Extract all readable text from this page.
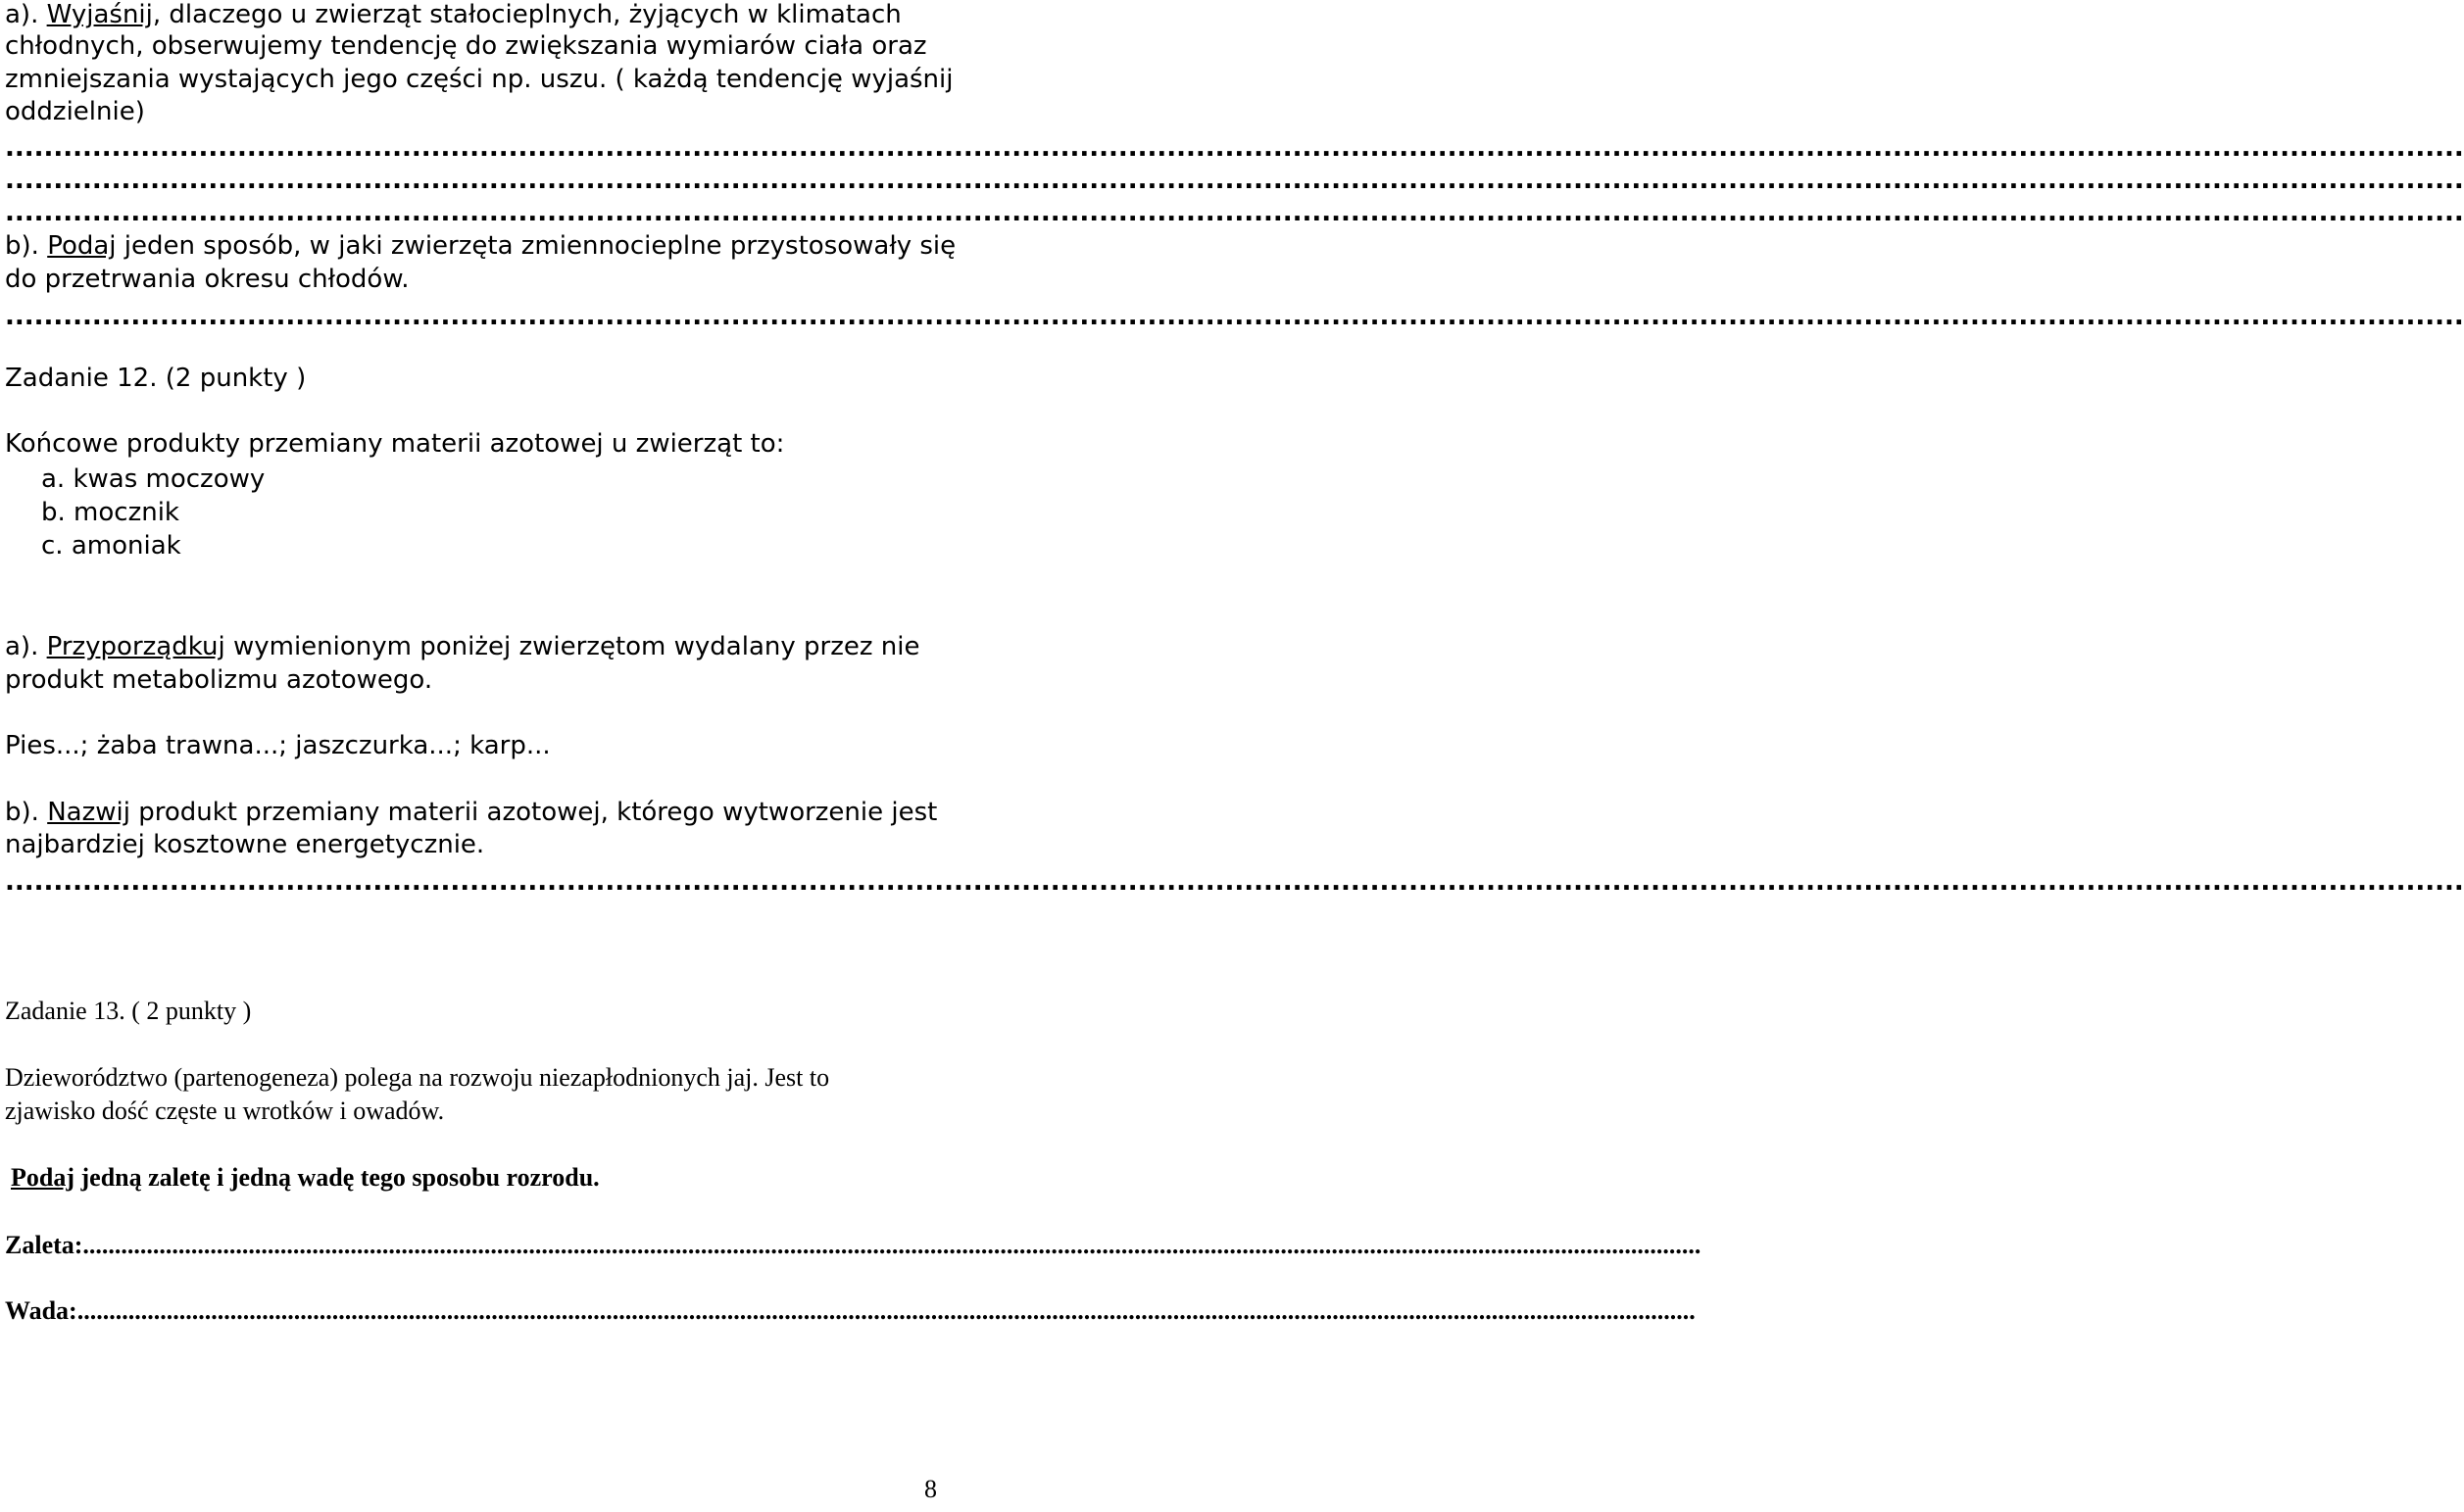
a). Wyjaśnij, dlaczego u zwierząt stałocieplnych, żyjących w klimatach
chłodnych, obserwujemy tendencję do zwiększania wymiarów ciała oraz
zmniejszania wystających jego części np. uszu. ( każdą tendencję wyjaśnij
oddzielnie)
..............................................................................................................................................................................................................................................................
..............................................................................................................................................................................................................................................................
..............................................................................................................................................................................................................................................................
b). Podaj jeden sposób, w jaki zwierzęta zmiennocieplne przystosowały się
do przetrwania okresu chłodów.
..............................................................................................................................................................................................................................................................
Zadanie 12. (2 punkty )
Końcowe produkty przemiany materii azotowej u zwierząt to:
a. kwas moczowy
b. mocznik
c. amoniak
a). Przyporządkuj wymienionym poniżej zwierzętom wydalany przez nie
produkt metabolizmu azotowego.
Pies...; żaba trawna...; jaszczurka...; karp...
b). Nazwij produkt przemiany materii azotowej, którego wytworzenie jest
najbardziej kosztowne energetycznie.
..............................................................................................................................................................................................................................................................
Zadanie 13. ( 2 punkty )
Dzieworództwo (partenogeneza) polega na rozwoju niezapłodnionych jaj. Jest to
zjawisko dość częste u wrotków i owadów.
Podaj jedną zaletę i jedną wadę tego sposobu rozrodu.
Zaleta:..............................................................................................................................................................................................................................................................
Wada:..............................................................................................................................................................................................................................................................
8
